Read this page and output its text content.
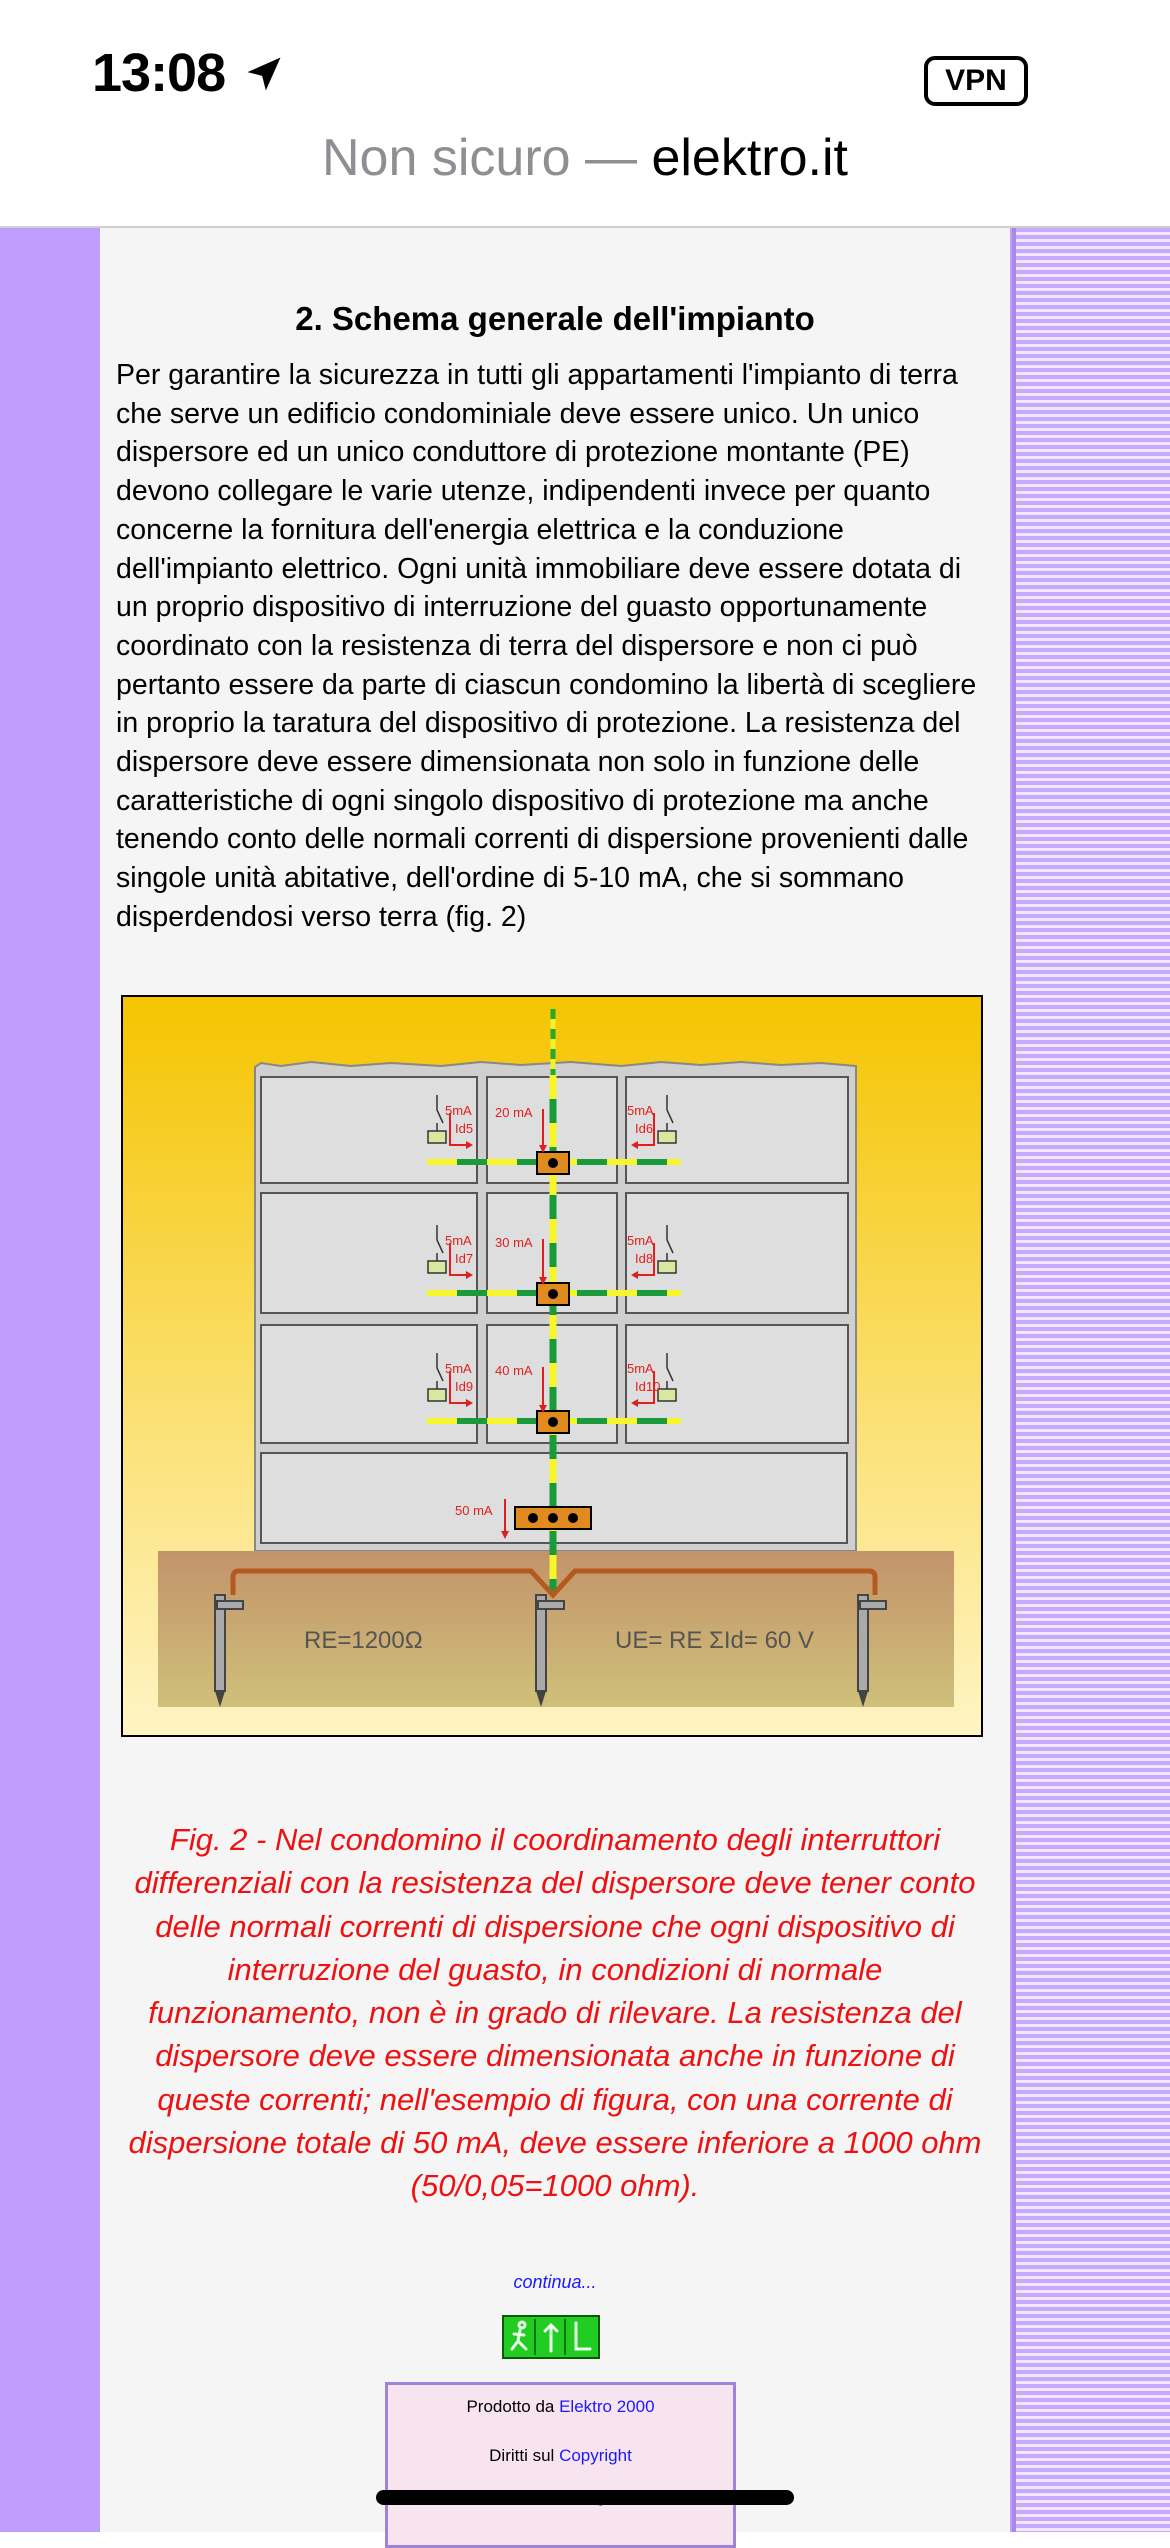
13:08	VPN
Non sicuro — elektro.it
2. Schema generale dell'impianto

Per garantire la sicurezza in tutti gli appartamenti l'impianto di terra che serve un edificio condominiale deve essere unico. Un unico dispersore ed un unico conduttore di protezione montante (PE) devono collegare le varie utenze, indipendenti invece per quanto concerne la fornitura dell'energia elettrica e la conduzione dell'impianto elettrico. Ogni unità immobiliare deve essere dotata di un proprio dispositivo di interruzione del guasto opportunamente coordinato con la resistenza di terra del dispersore e non ci può pertanto essere da parte di ciascun condomino la libertà di scegliere in proprio la taratura del dispositivo di protezione. La resistenza del dispersore deve essere dimensionata non solo in funzione delle caratteristiche di ogni singolo dispositivo di protezione ma anche tenendo conto delle normali correnti di dispersione provenienti dalle singole unità abitative, dell'ordine di 5-10 mA, che si sommano disperdendosi verso terra (fig. 2)

5mA
Id5
20 mA	5mA
Id6
5mA
Id7
30 mA	5mA
Id8
5mA
Id9
40 mA	5mA
Id10
50 mA
RE=1200Ω	UE= RE ΣId= 60 V

Fig. 2 - Nel condomino il coordinamento degli interruttori differenziali con la resistenza del dispersore deve tener conto delle normali correnti di dispersione che ogni dispositivo di interruzione del guasto, in condizioni di normale funzionamento, non è in grado di rilevare. La resistenza del dispersore deve essere dimensionata anche in funzione di queste correnti; nell'esempio di figura, con una corrente di dispersione totale di 50 mA, deve essere inferiore a 1000 ohm (50/0,05=1000 ohm).

continua...
Prodotto da Elektro 2000
Diritti sul Copyright
